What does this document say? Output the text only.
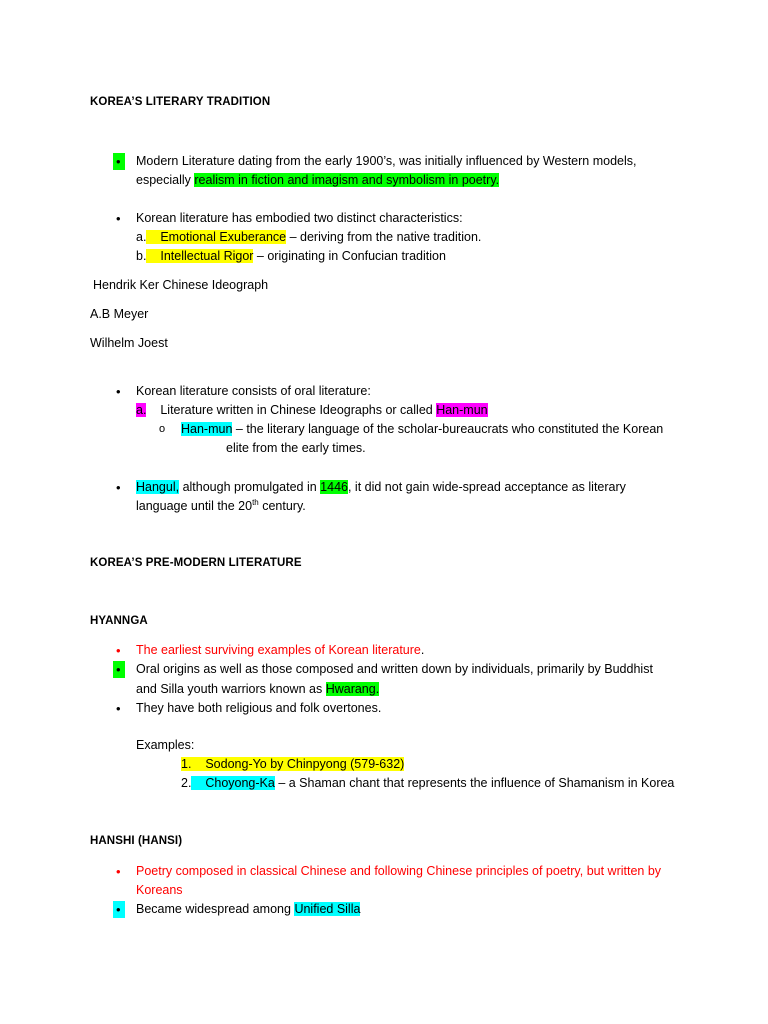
KOREA’S LITERARY TRADITION
•	Modern Literature dating from the early 1900’s, was initially influenced by Western models,
especially realism in fiction and imagism and symbolism in poetry.
• Korean literature has embodied two distinct characteristics:
a. Emotional Exuberance – deriving from the native tradition.
b. Intellectual Rigor – originating in Confucian tradition
Hendrik Ker Chinese Ideograph
A.B Meyer
Wilhelm Joest
• Korean literature consists of oral literature:
a. Literature written in Chinese Ideographs or called Han-mun
o Han-mun – the literary language of the scholar-bureaucrats who constituted the Korean
elite from the early times.
• Hangul, although promulgated in 1446, it did not gain wide-spread acceptance as literary
language until the 20th century.
KOREA’S PRE-MODERN LITERATURE
HYANNGA
• The earliest surviving examples of Korean literature.
•	Oral origins as well as those composed and written down by individuals, primarily by Buddhist
and Silla youth warriors known as Hwarang.
• They have both religious and folk overtones.
Examples:
1. Sodong-Yo by Chinpyong (579-632)
2. Choyong-Ka – a Shaman chant that represents the influence of Shamanism in Korea
HANSHI (HANSI)
• Poetry composed in classical Chinese and following Chinese principles of poetry, but written by
Koreans
•	Became widespread among Unified Silla
